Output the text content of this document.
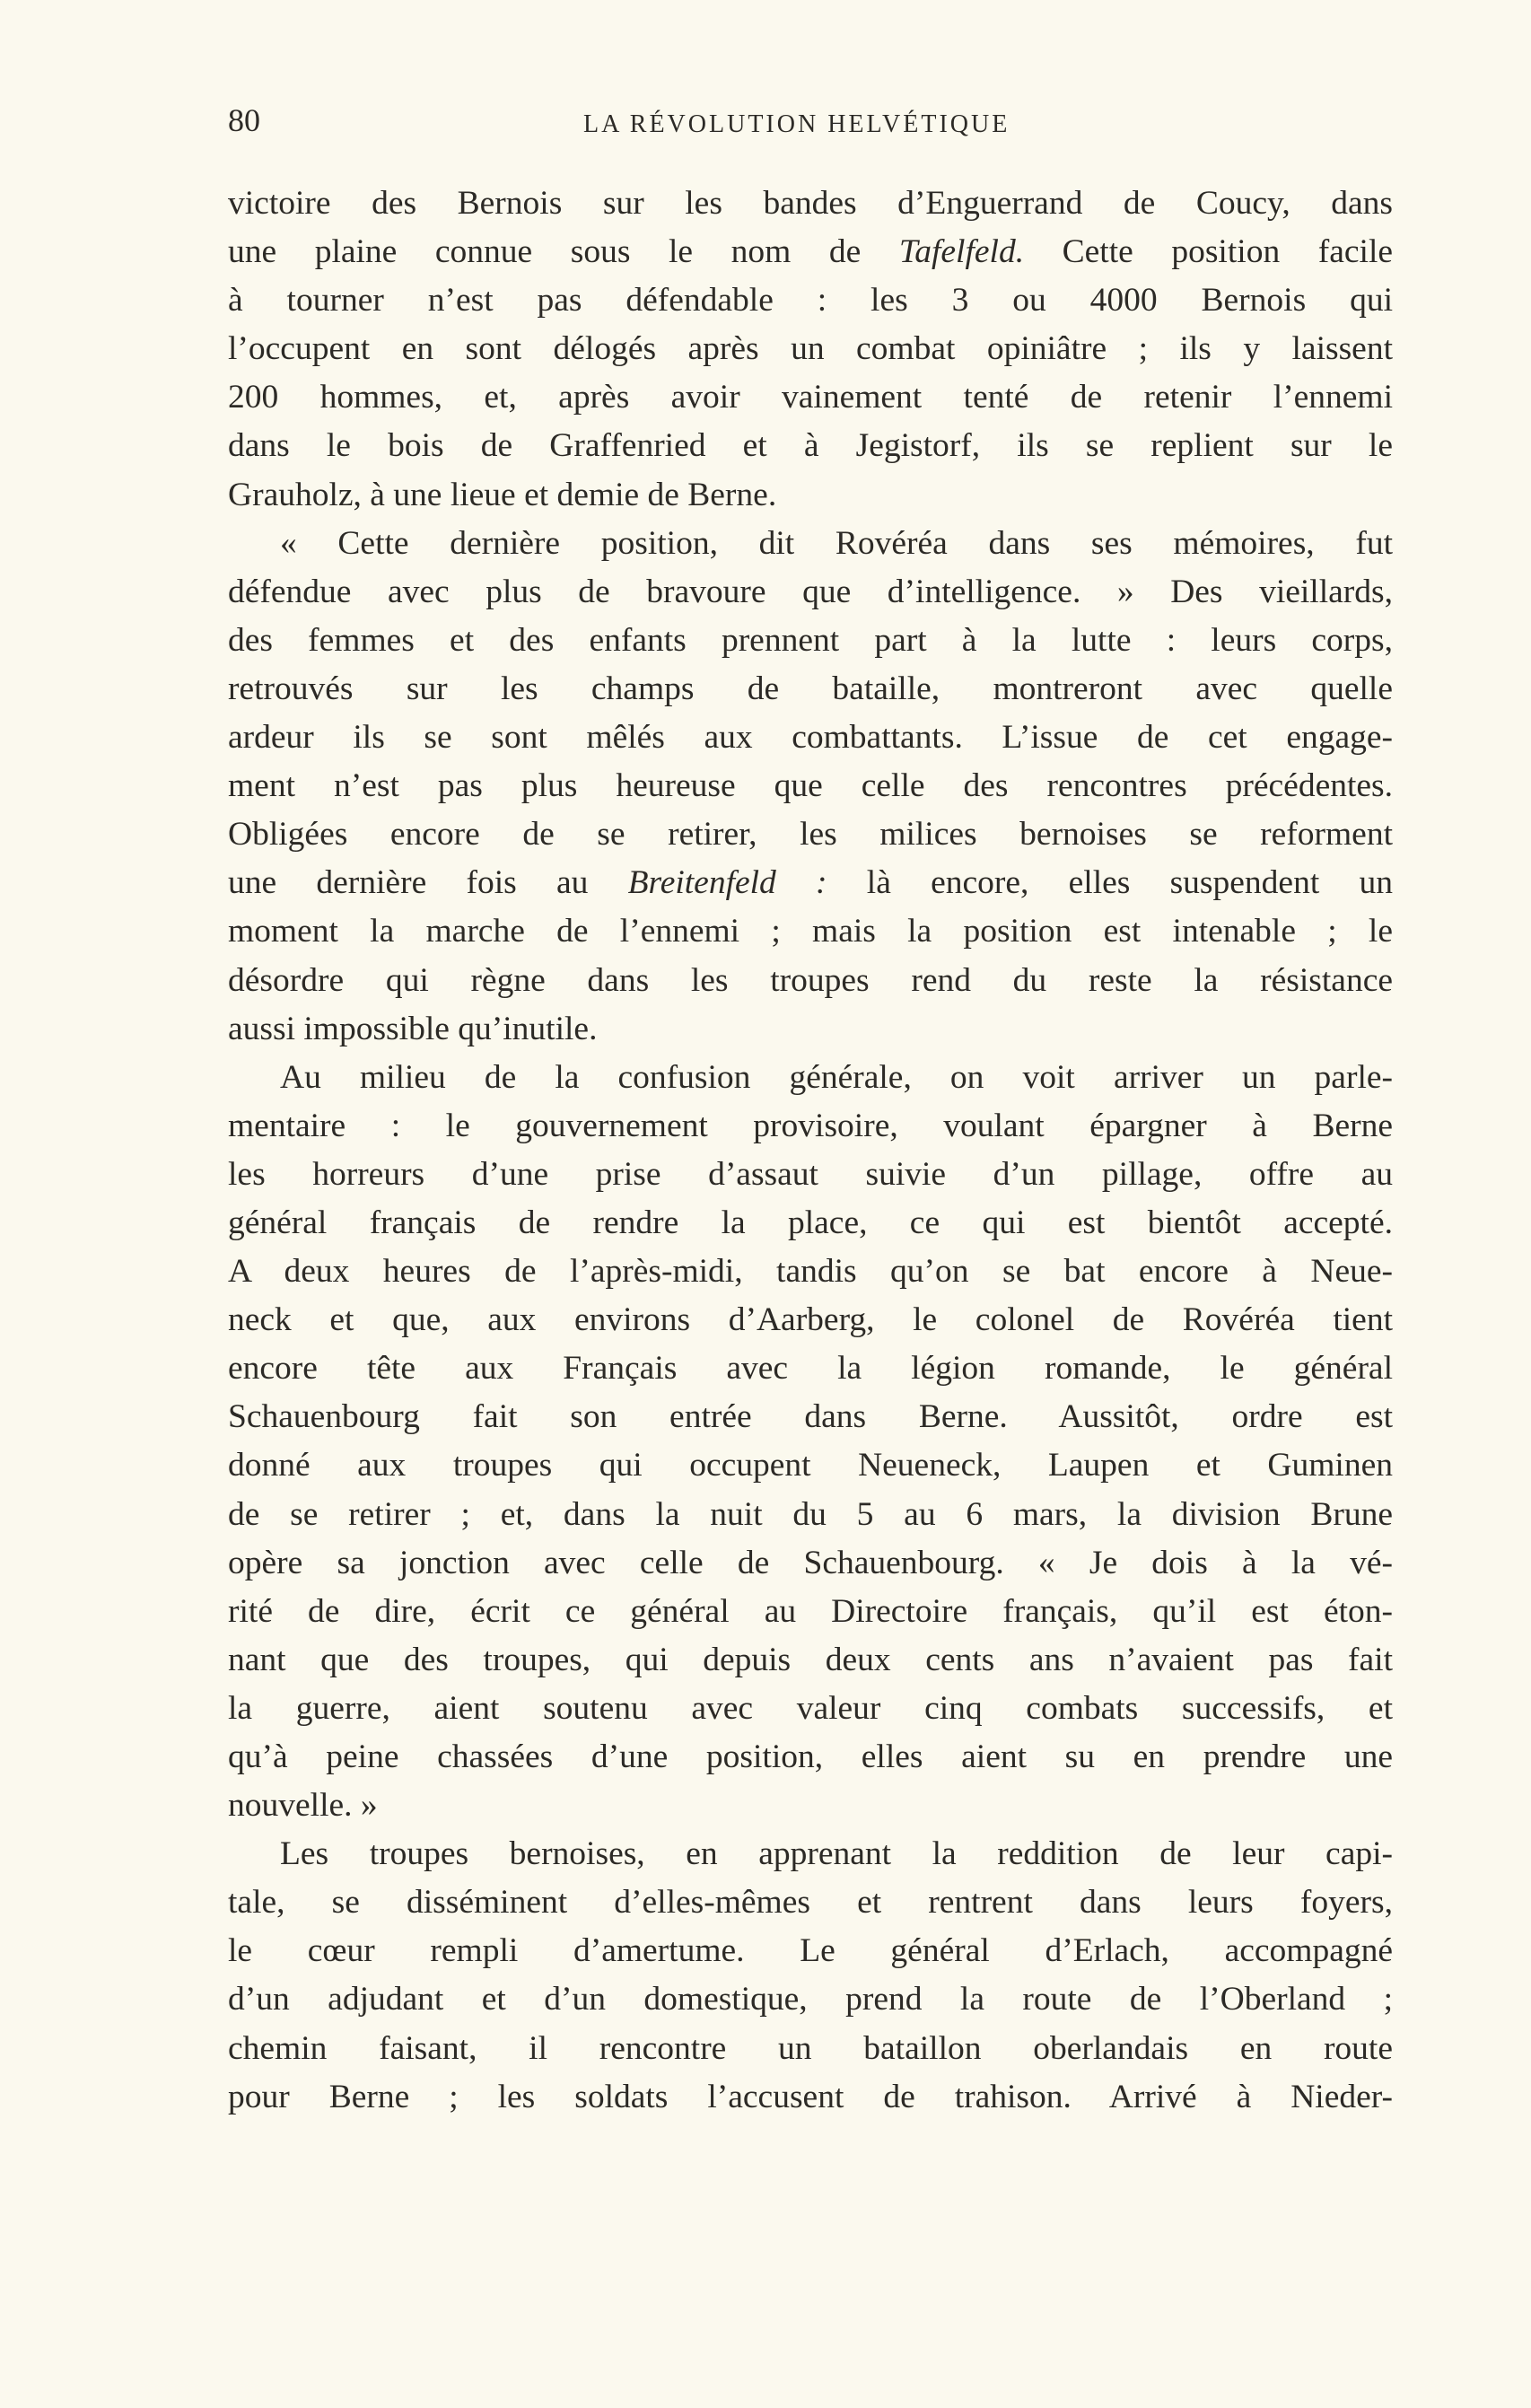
80	LA RÉVOLUTION HELVÉTIQUE
victoire des Bernois sur les bandes d’Enguerrand de Coucy, dans
une plaine connue sous le nom de Tafelfeld. Cette position facile
à tourner n’est pas défendable : les 3 ou 4000 Bernois qui
l’occupent en sont délogés après un combat opiniâtre ; ils y laissent
200 hommes, et, après avoir vainement tenté de retenir l’ennemi
dans le bois de Graffenried et à Jegistorf, ils se replient sur le
Grauholz, à une lieue et demie de Berne.
« Cette dernière position, dit Rovéréa dans ses mémoires, fut
défendue avec plus de bravoure que d’intelligence. » Des vieillards,
des femmes et des enfants prennent part à la lutte : leurs corps,
retrouvés sur les champs de bataille, montreront avec quelle
ardeur ils se sont mêlés aux combattants. L’issue de cet engage-
ment n’est pas plus heureuse que celle des rencontres précédentes.
Obligées encore de se retirer, les milices bernoises se reforment
une dernière fois au Breitenfeld : là encore, elles suspendent un
moment la marche de l’ennemi ; mais la position est intenable ; le
désordre qui règne dans les troupes rend du reste la résistance
aussi impossible qu’inutile.
Au milieu de la confusion générale, on voit arriver un parle-
mentaire : le gouvernement provisoire, voulant épargner à Berne
les horreurs d’une prise d’assaut suivie d’un pillage, offre au
général français de rendre la place, ce qui est bientôt accepté.
A deux heures de l’après-midi, tandis qu’on se bat encore à Neue-
neck et que, aux environs d’Aarberg, le colonel de Rovéréa tient
encore tête aux Français avec la légion romande, le général
Schauenbourg fait son entrée dans Berne. Aussitôt, ordre est
donné aux troupes qui occupent Neueneck, Laupen et Guminen
de se retirer ; et, dans la nuit du 5 au 6 mars, la division Brune
opère sa jonction avec celle de Schauenbourg. « Je dois à la vé-
rité de dire, écrit ce général au Directoire français, qu’il est éton-
nant que des troupes, qui depuis deux cents ans n’avaient pas fait
la guerre, aient soutenu avec valeur cinq combats successifs, et
qu’à peine chassées d’une position, elles aient su en prendre une
nouvelle. »
Les troupes bernoises, en apprenant la reddition de leur capi-
tale, se disséminent d’elles-mêmes et rentrent dans leurs foyers,
le cœur rempli d’amertume. Le général d’Erlach, accompagné
d’un adjudant et d’un domestique, prend la route de l’Oberland ;
chemin faisant, il rencontre un bataillon oberlandais en route
pour Berne ; les soldats l’accusent de trahison. Arrivé à Nieder-
